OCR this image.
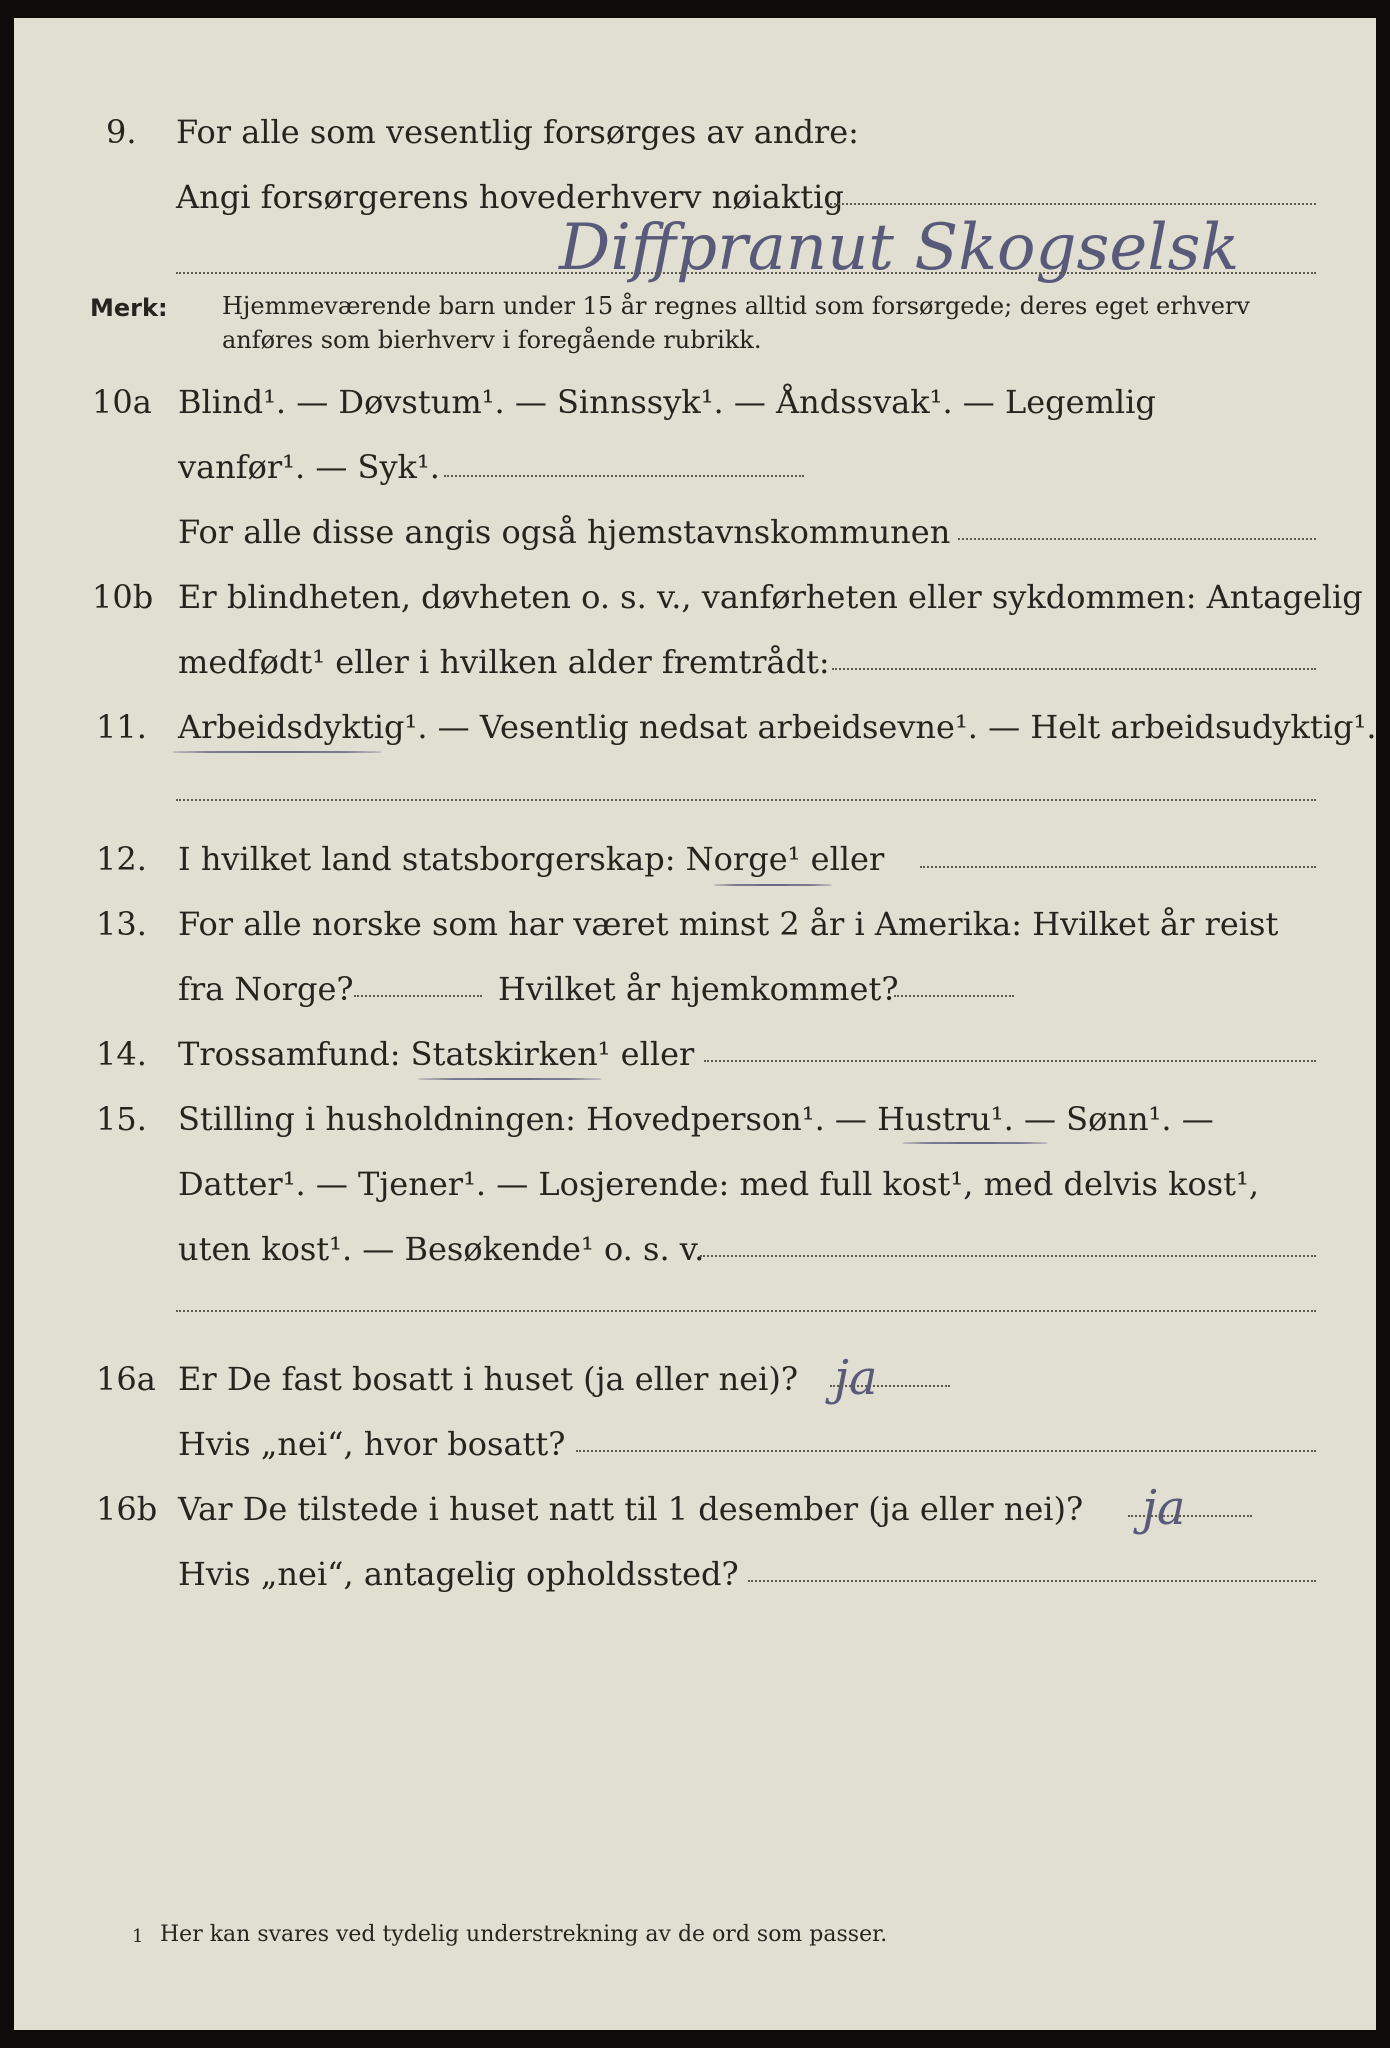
9. For alle som vesentlig forsørges av andre:
Angi forsørgerens hovederhverv nøiaktig
Diffpranut Skogselsk
Merk: Hjemmeværende barn under 15 år regnes alltid som forsørgede; deres eget erhverv
anføres som bierhverv i foregående rubrikk.
10a Blind¹. — Døvstum¹. — Sinnssyk¹. — Åndssvak¹. — Legemlig
vanfør¹. — Syk¹.
For alle disse angis også hjemstavnskommunen
10b Er blindheten, døvheten o. s. v., vanførheten eller sykdommen: Antagelig
medfødt¹ eller i hvilken alder fremtrådt:
11. Arbeidsdyktig¹. — Vesentlig nedsat arbeidsevne¹. — Helt arbeidsudyktig¹.
12. I hvilket land statsborgerskap: Norge¹ eller
13. For alle norske som har været minst 2 år i Amerika: Hvilket år reist
fra Norge?	Hvilket år hjemkommet?
14. Trossamfund: Statskirken¹ eller
15. Stilling i husholdningen: Hovedperson¹. — Hustru¹. — Sønn¹. —
Datter¹. — Tjener¹. — Losjerende: med full kost¹, med delvis kost¹,
uten kost¹. — Besøkende¹ o. s. v.
16a Er De fast bosatt i huset (ja eller nei)? ja
Hvis „nei“, hvor bosatt?
16b Var De tilstede i huset natt til 1 desember (ja eller nei)? ja
Hvis „nei“, antagelig opholdssted?
1 Her kan svares ved tydelig understrekning av de ord som passer.
